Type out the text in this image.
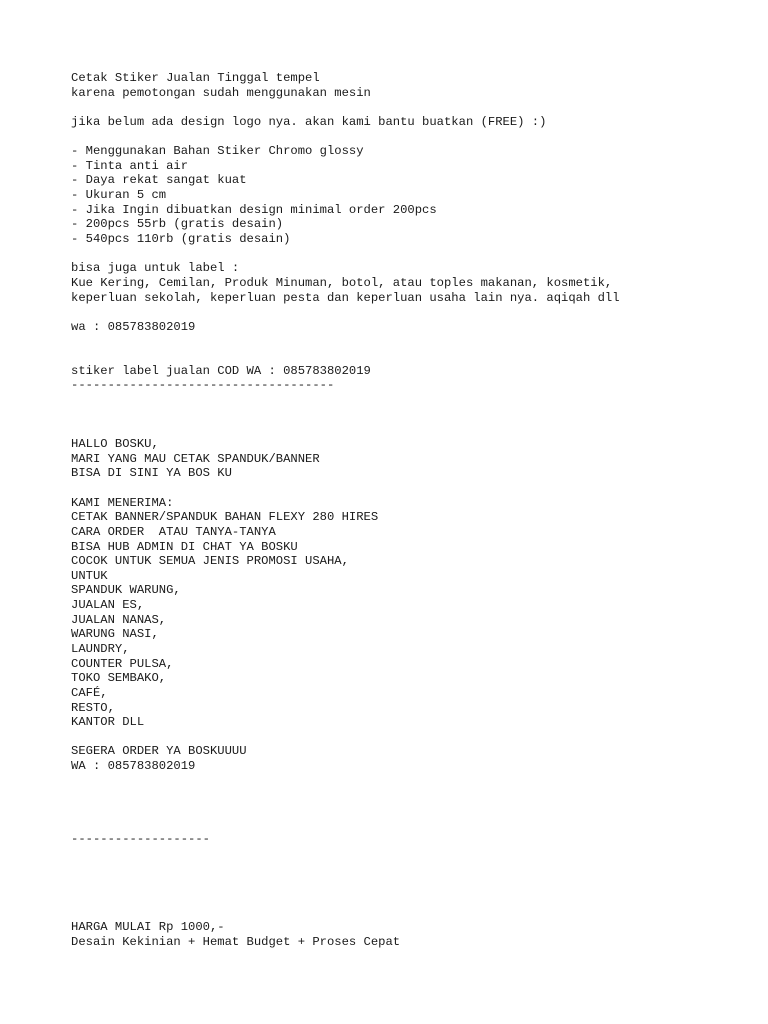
Cetak Stiker Jualan Tinggal tempel
karena pemotongan sudah menggunakan mesin
jika belum ada design logo nya. akan kami bantu buatkan (FREE) :)
- Menggunakan Bahan Stiker Chromo glossy
- Tinta anti air
- Daya rekat sangat kuat
- Ukuran 5 cm
- Jika Ingin dibuatkan design minimal order 200pcs
- 200pcs 55rb (gratis desain)
- 540pcs 110rb (gratis desain)
bisa juga untuk label :
Kue Kering, Cemilan, Produk Minuman, botol, atau toples makanan, kosmetik,
keperluan sekolah, keperluan pesta dan keperluan usaha lain nya. aqiqah dll
wa : 085783802019
stiker label jualan COD WA : 085783802019
------------------------------------
HALLO BOSKU,
MARI YANG MAU CETAK SPANDUK/BANNER
BISA DI SINI YA BOS KU
KAMI MENERIMA:
CETAK BANNER/SPANDUK BAHAN FLEXY 280 HIRES
CARA ORDER  ATAU TANYA-TANYA
BISA HUB ADMIN DI CHAT YA BOSKU
COCOK UNTUK SEMUA JENIS PROMOSI USAHA,
UNTUK
SPANDUK WARUNG,
JUALAN ES,
JUALAN NANAS,
WARUNG NASI,
LAUNDRY,
COUNTER PULSA,
TOKO SEMBAKO,
CAFÉ,
RESTO,
KANTOR DLL
SEGERA ORDER YA BOSKUUUU
WA : 085783802019
-------------------
HARGA MULAI Rp 1000,-
Desain Kekinian + Hemat Budget + Proses Cepat
